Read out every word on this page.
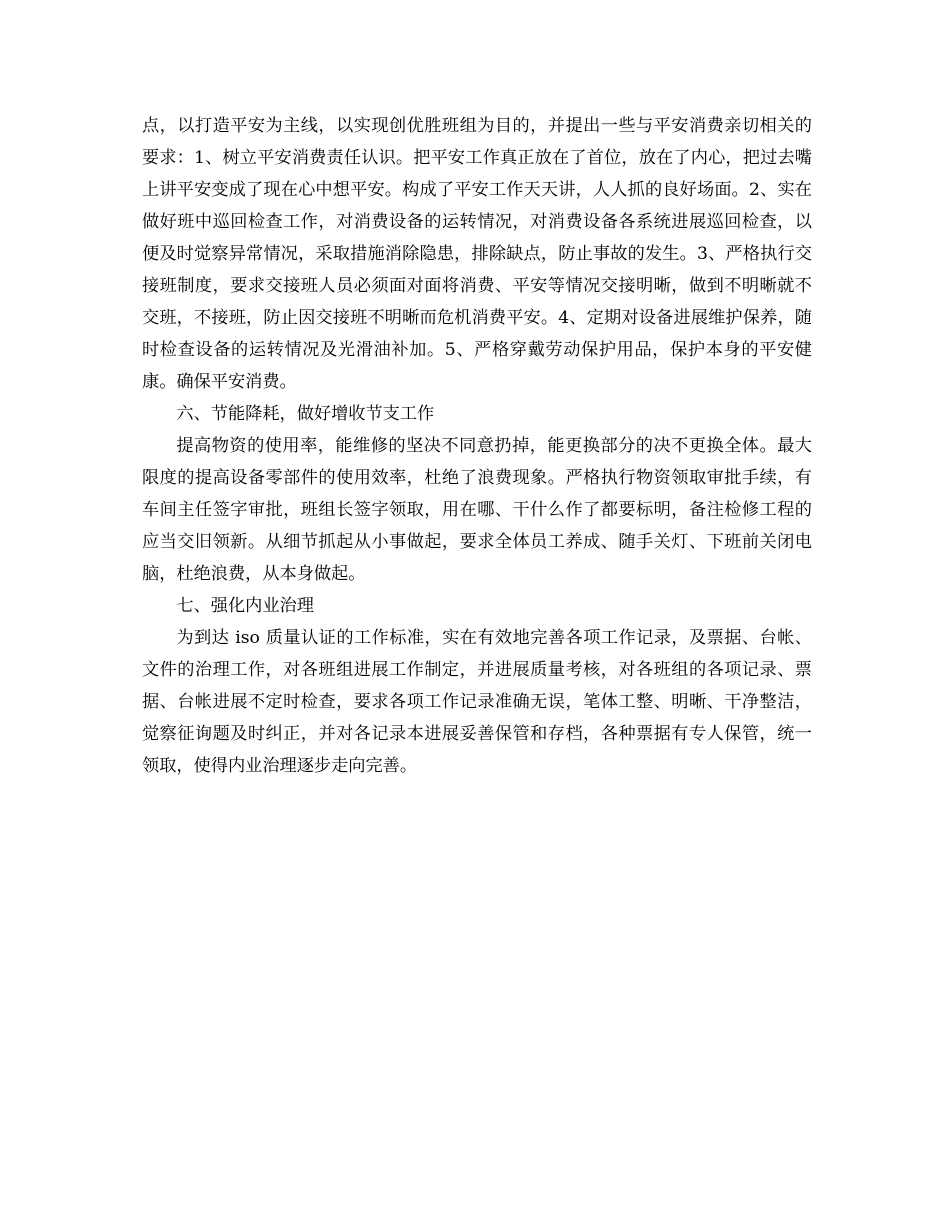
点，以打造平安为主线，以实现创优胜班组为目的，并提出一些与平安消费亲切相关的要求：1、树立平安消费责任认识。把平安工作真正放在了首位，放在了内心，把过去嘴上讲平安变成了现在心中想平安。构成了平安工作天天讲，人人抓的良好场面。2、实在做好班中巡回检查工作，对消费设备的运转情况，对消费设备各系统进展巡回检查，以便及时觉察异常情况，采取措施消除隐患，排除缺点，防止事故的发生。3、严格执行交接班制度，要求交接班人员必须面对面将消费、平安等情况交接明晰，做到不明晰就不交班，不接班，防止因交接班不明晰而危机消费平安。4、定期对设备进展维护保养，随时检查设备的运转情况及光滑油补加。5、严格穿戴劳动保护用品，保护本身的平安健康。确保平安消费。

六、节能降耗，做好增收节支工作

提高物资的使用率，能维修的坚决不同意扔掉，能更换部分的决不更换全体。最大限度的提高设备零部件的使用效率，杜绝了浪费现象。严格执行物资领取审批手续，有车间主任签字审批，班组长签字领取，用在哪、干什么作了都要标明，备注检修工程的应当交旧领新。从细节抓起从小事做起，要求全体员工养成、随手关灯、下班前关闭电脑，杜绝浪费，从本身做起。

七、强化内业治理

为到达 iso 质量认证的工作标准，实在有效地完善各项工作记录，及票据、台帐、文件的治理工作，对各班组进展工作制定，并进展质量考核，对各班组的各项记录、票据、台帐进展不定时检查，要求各项工作记录准确无误，笔体工整、明晰、干净整洁，觉察征询题及时纠正，并对各记录本进展妥善保管和存档，各种票据有专人保管，统一领取，使得内业治理逐步走向完善。
